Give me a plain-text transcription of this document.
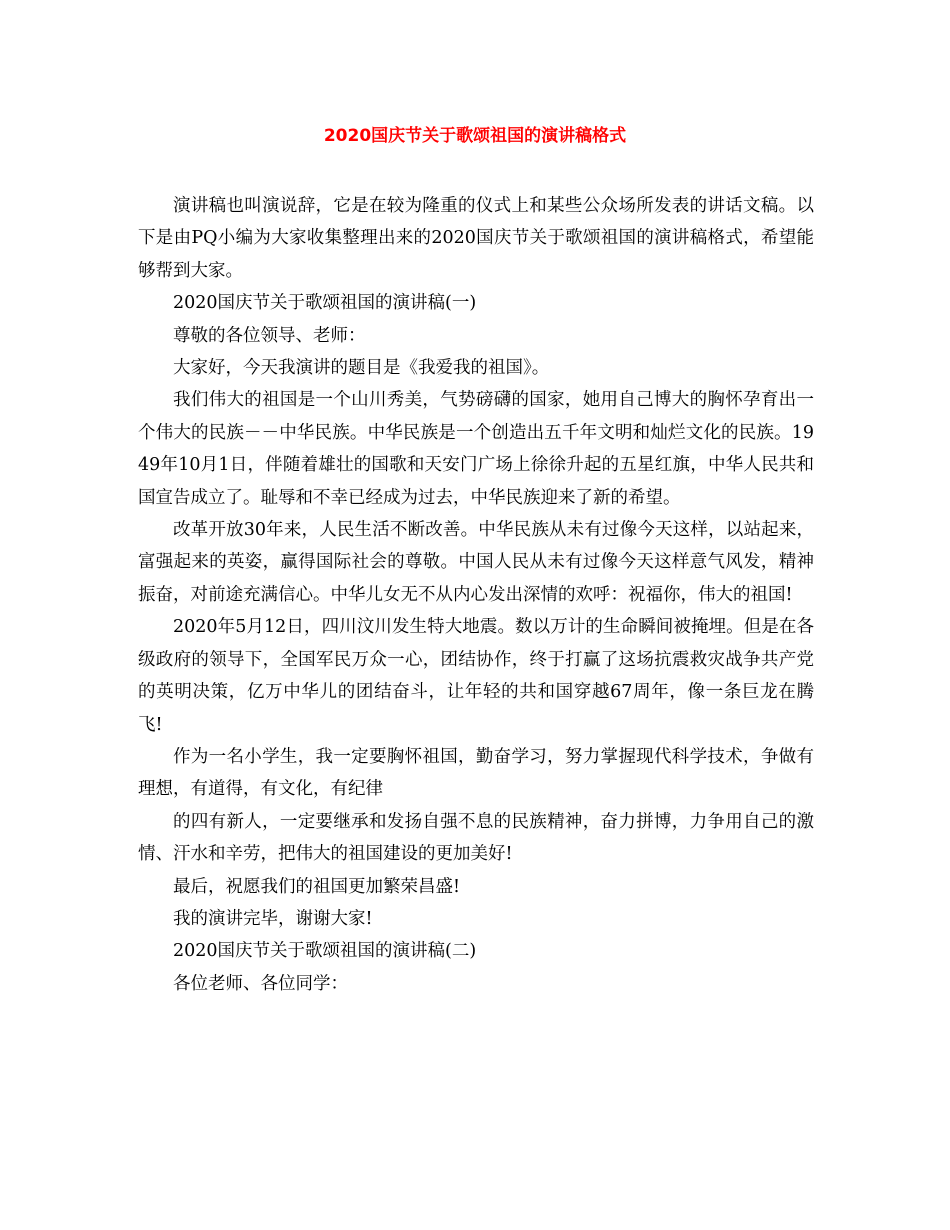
2020国庆节关于歌颂祖国的演讲稿格式

演讲稿也叫演说辞，它是在较为隆重的仪式上和某些公众场所发表的讲话文稿。以下是由PQ小编为大家收集整理出来的2020国庆节关于歌颂祖国的演讲稿格式，希望能够帮到大家。

2020国庆节关于歌颂祖国的演讲稿(一)

尊敬的各位领导、老师：

大家好，今天我演讲的题目是《我爱我的祖国》。

我们伟大的祖国是一个山川秀美，气势磅礴的国家，她用自己博大的胸怀孕育出一个伟大的民族－－中华民族。中华民族是一个创造出五千年文明和灿烂文化的民族。1949年10月1日，伴随着雄壮的国歌和天安门广场上徐徐升起的五星红旗，中华人民共和国宣告成立了。耻辱和不幸已经成为过去，中华民族迎来了新的希望。

改革开放30年来，人民生活不断改善。中华民族从未有过像今天这样，以站起来，富强起来的英姿，赢得国际社会的尊敬。中国人民从未有过像今天这样意气风发，精神振奋，对前途充满信心。中华儿女无不从内心发出深情的欢呼：祝福你，伟大的祖国!

2020年5月12日，四川汶川发生特大地震。数以万计的生命瞬间被掩埋。但是在各级政府的领导下，全国军民万众一心，团结协作，终于打赢了这场抗震救灾战争共产党的英明决策，亿万中华儿的团结奋斗，让年轻的共和国穿越67周年，像一条巨龙在腾飞!

作为一名小学生，我一定要胸怀祖国，勤奋学习，努力掌握现代科学技术，争做有理想，有道得，有文化，有纪律

的四有新人，一定要继承和发扬自强不息的民族精神，奋力拼博，力争用自己的激情、汗水和辛劳，把伟大的祖国建设的更加美好!

最后，祝愿我们的祖国更加繁荣昌盛!

我的演讲完毕，谢谢大家!

2020国庆节关于歌颂祖国的演讲稿(二)

各位老师、各位同学：
